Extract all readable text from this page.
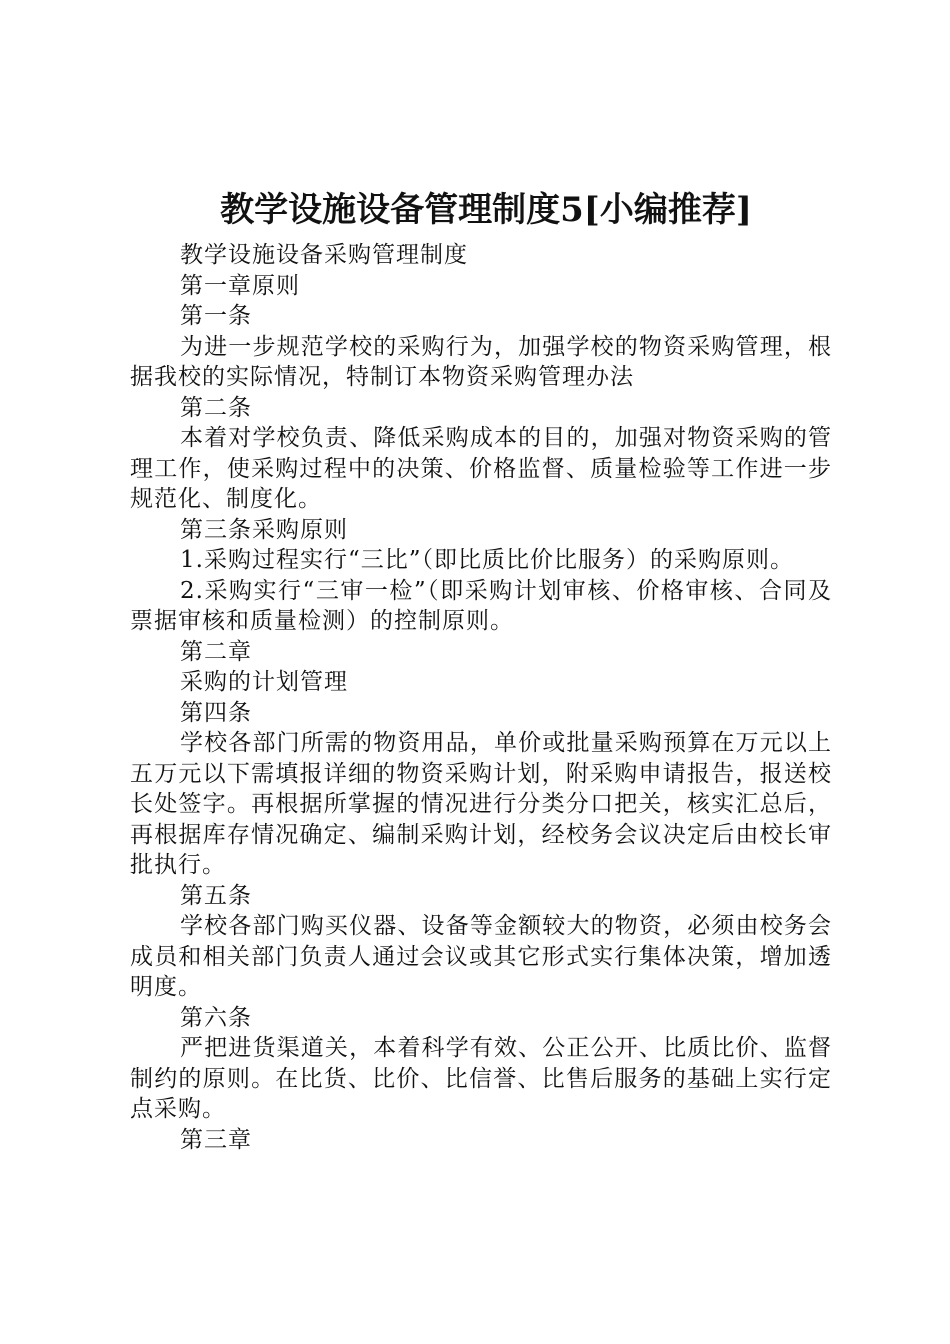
教学设施设备管理制度5[小编推荐]

教学设施设备采购管理制度

第一章原则

第一条

为进一步规范学校的采购行为，加强学校的物资采购管理，根据我校的实际情况，特制订本物资采购管理办法

第二条

本着对学校负责、降低采购成本的目的，加强对物资采购的管理工作，使采购过程中的决策、价格监督、质量检验等工作进一步规范化、制度化。

第三条采购原则

1.采购过程实行“三比”（即比质比价比服务）的采购原则。

2.采购实行“三审一检”（即采购计划审核、价格审核、合同及票据审核和质量检测）的控制原则。

第二章

采购的计划管理

第四条

学校各部门所需的物资用品，单价或批量采购预算在万元以上五万元以下需填报详细的物资采购计划，附采购申请报告，报送校长处签字。再根据所掌握的情况进行分类分口把关，核实汇总后，再根据库存情况确定、编制采购计划，经校务会议决定后由校长审批执行。

第五条

学校各部门购买仪器、设备等金额较大的物资，必须由校务会成员和相关部门负责人通过会议或其它形式实行集体决策，增加透明度。

第六条

严把进货渠道关，本着科学有效、公正公开、比质比价、监督制约的原则。在比货、比价、比信誉、比售后服务的基础上实行定点采购。

第三章
